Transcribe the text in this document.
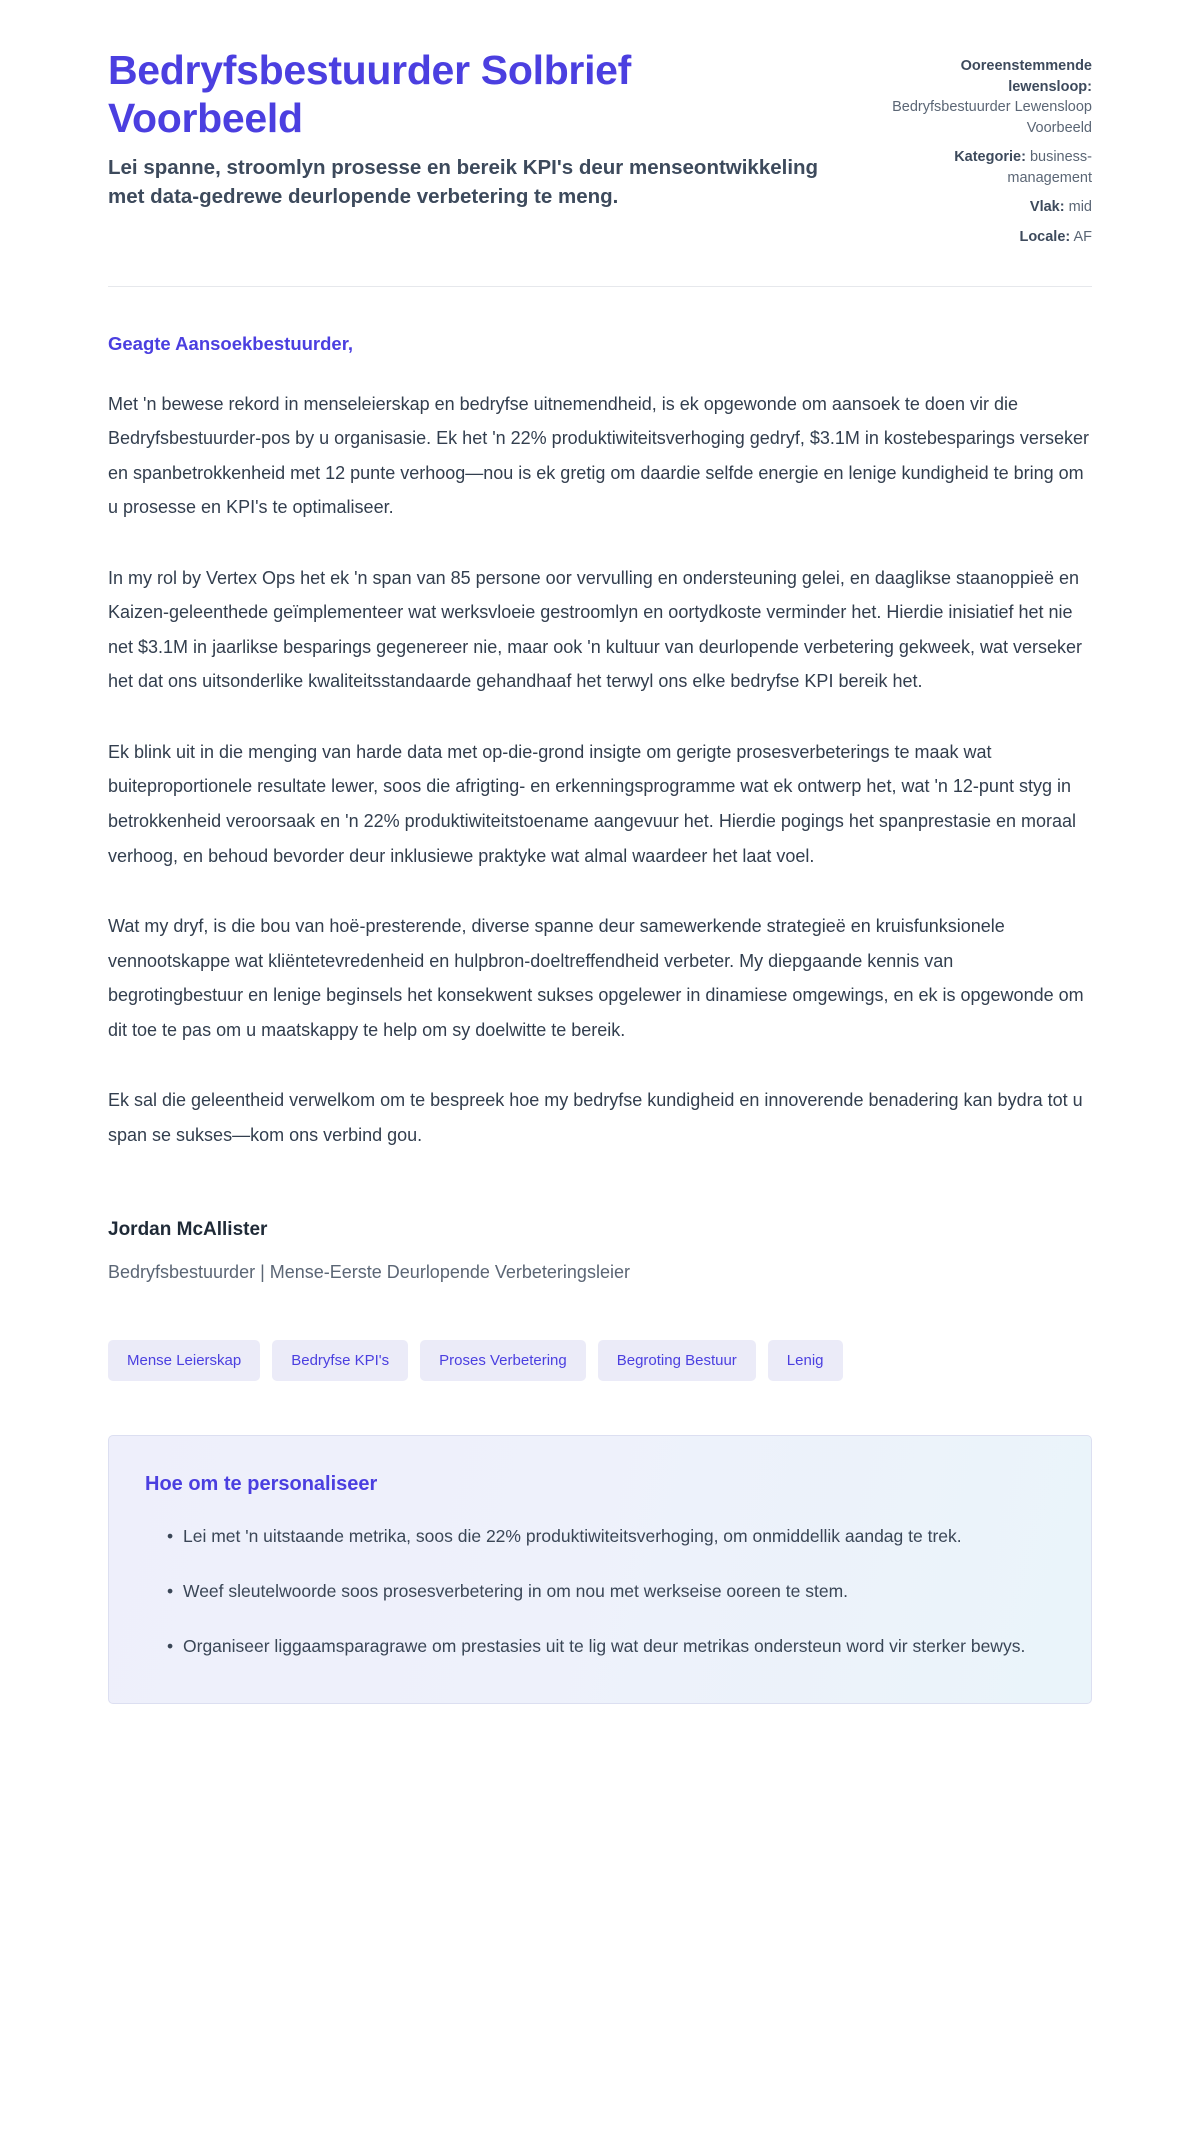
Bedryfsbestuurder Solbrief Voorbeeld

Lei spanne, stroomlyn prosesse en bereik KPI's deur menseontwikkeling met data-gedrewe deurlopende verbetering te meng.

Ooreenstemmende lewensloop:
Bedryfsbestuurder Lewensloop Voorbeeld
Kategorie: business-management
Vlak: mid
Locale: AF

Geagte Aansoekbestuurder,

Met 'n bewese rekord in menseleierskap en bedryfse uitnemendheid, is ek opgewonde om aansoek te doen vir die Bedryfsbestuurder-pos by u organisasie. Ek het 'n 22% produktiwiteitsverhoging gedryf, $3.1M in kostebesparings verseker en spanbetrokkenheid met 12 punte verhoog—nou is ek gretig om daardie selfde energie en lenige kundigheid te bring om u prosesse en KPI's te optimaliseer.

In my rol by Vertex Ops het ek 'n span van 85 persone oor vervulling en ondersteuning gelei, en daaglikse staanoppieë en Kaizen-geleenthede geïmplementeer wat werksvloeie gestroomlyn en oortydkoste verminder het. Hierdie inisiatief het nie net $3.1M in jaarlikse besparings gegenereer nie, maar ook 'n kultuur van deurlopende verbetering gekweek, wat verseker het dat ons uitsonderlike kwaliteitsstandaarde gehandhaaf het terwyl ons elke bedryfse KPI bereik het.

Ek blink uit in die menging van harde data met op-die-grond insigte om gerigte prosesverbeterings te maak wat buiteproportionele resultate lewer, soos die afrigting- en erkenningsprogramme wat ek ontwerp het, wat 'n 12-punt styg in betrokkenheid veroorsaak en 'n 22% produktiwiteitstoename aangevuur het. Hierdie pogings het spanprestasie en moraal verhoog, en behoud bevorder deur inklusiewe praktyke wat almal waardeer het laat voel.

Wat my dryf, is die bou van hoë-presterende, diverse spanne deur samewerkende strategieë en kruisfunksionele vennootskappe wat kliëntetevredenheid en hulpbron-doeltreffendheid verbeter. My diepgaande kennis van begrotingbestuur en lenige beginsels het konsekwent sukses opgelewer in dinamiese omgewings, en ek is opgewonde om dit toe te pas om u maatskappy te help om sy doelwitte te bereik.

Ek sal die geleentheid verwelkom om te bespreek hoe my bedryfse kundigheid en innoverende benadering kan bydra tot u span se sukses—kom ons verbind gou.

Jordan McAllister

Bedryfsbestuurder | Mense-Eerste Deurlopende Verbeteringsleier

Mense Leierskap	Bedryfse KPI's	Proses Verbetering	Begroting Bestuur	Lenig
Hoe om te personaliseer
• Lei met 'n uitstaande metrika, soos die 22% produktiwiteitsverhoging, om onmiddellik aandag te trek.
• Weef sleutelwoorde soos prosesverbetering in om nou met werkseise ooreen te stem.
• Organiseer liggaamsparagrawe om prestasies uit te lig wat deur metrikas ondersteun word vir sterker bewys.
